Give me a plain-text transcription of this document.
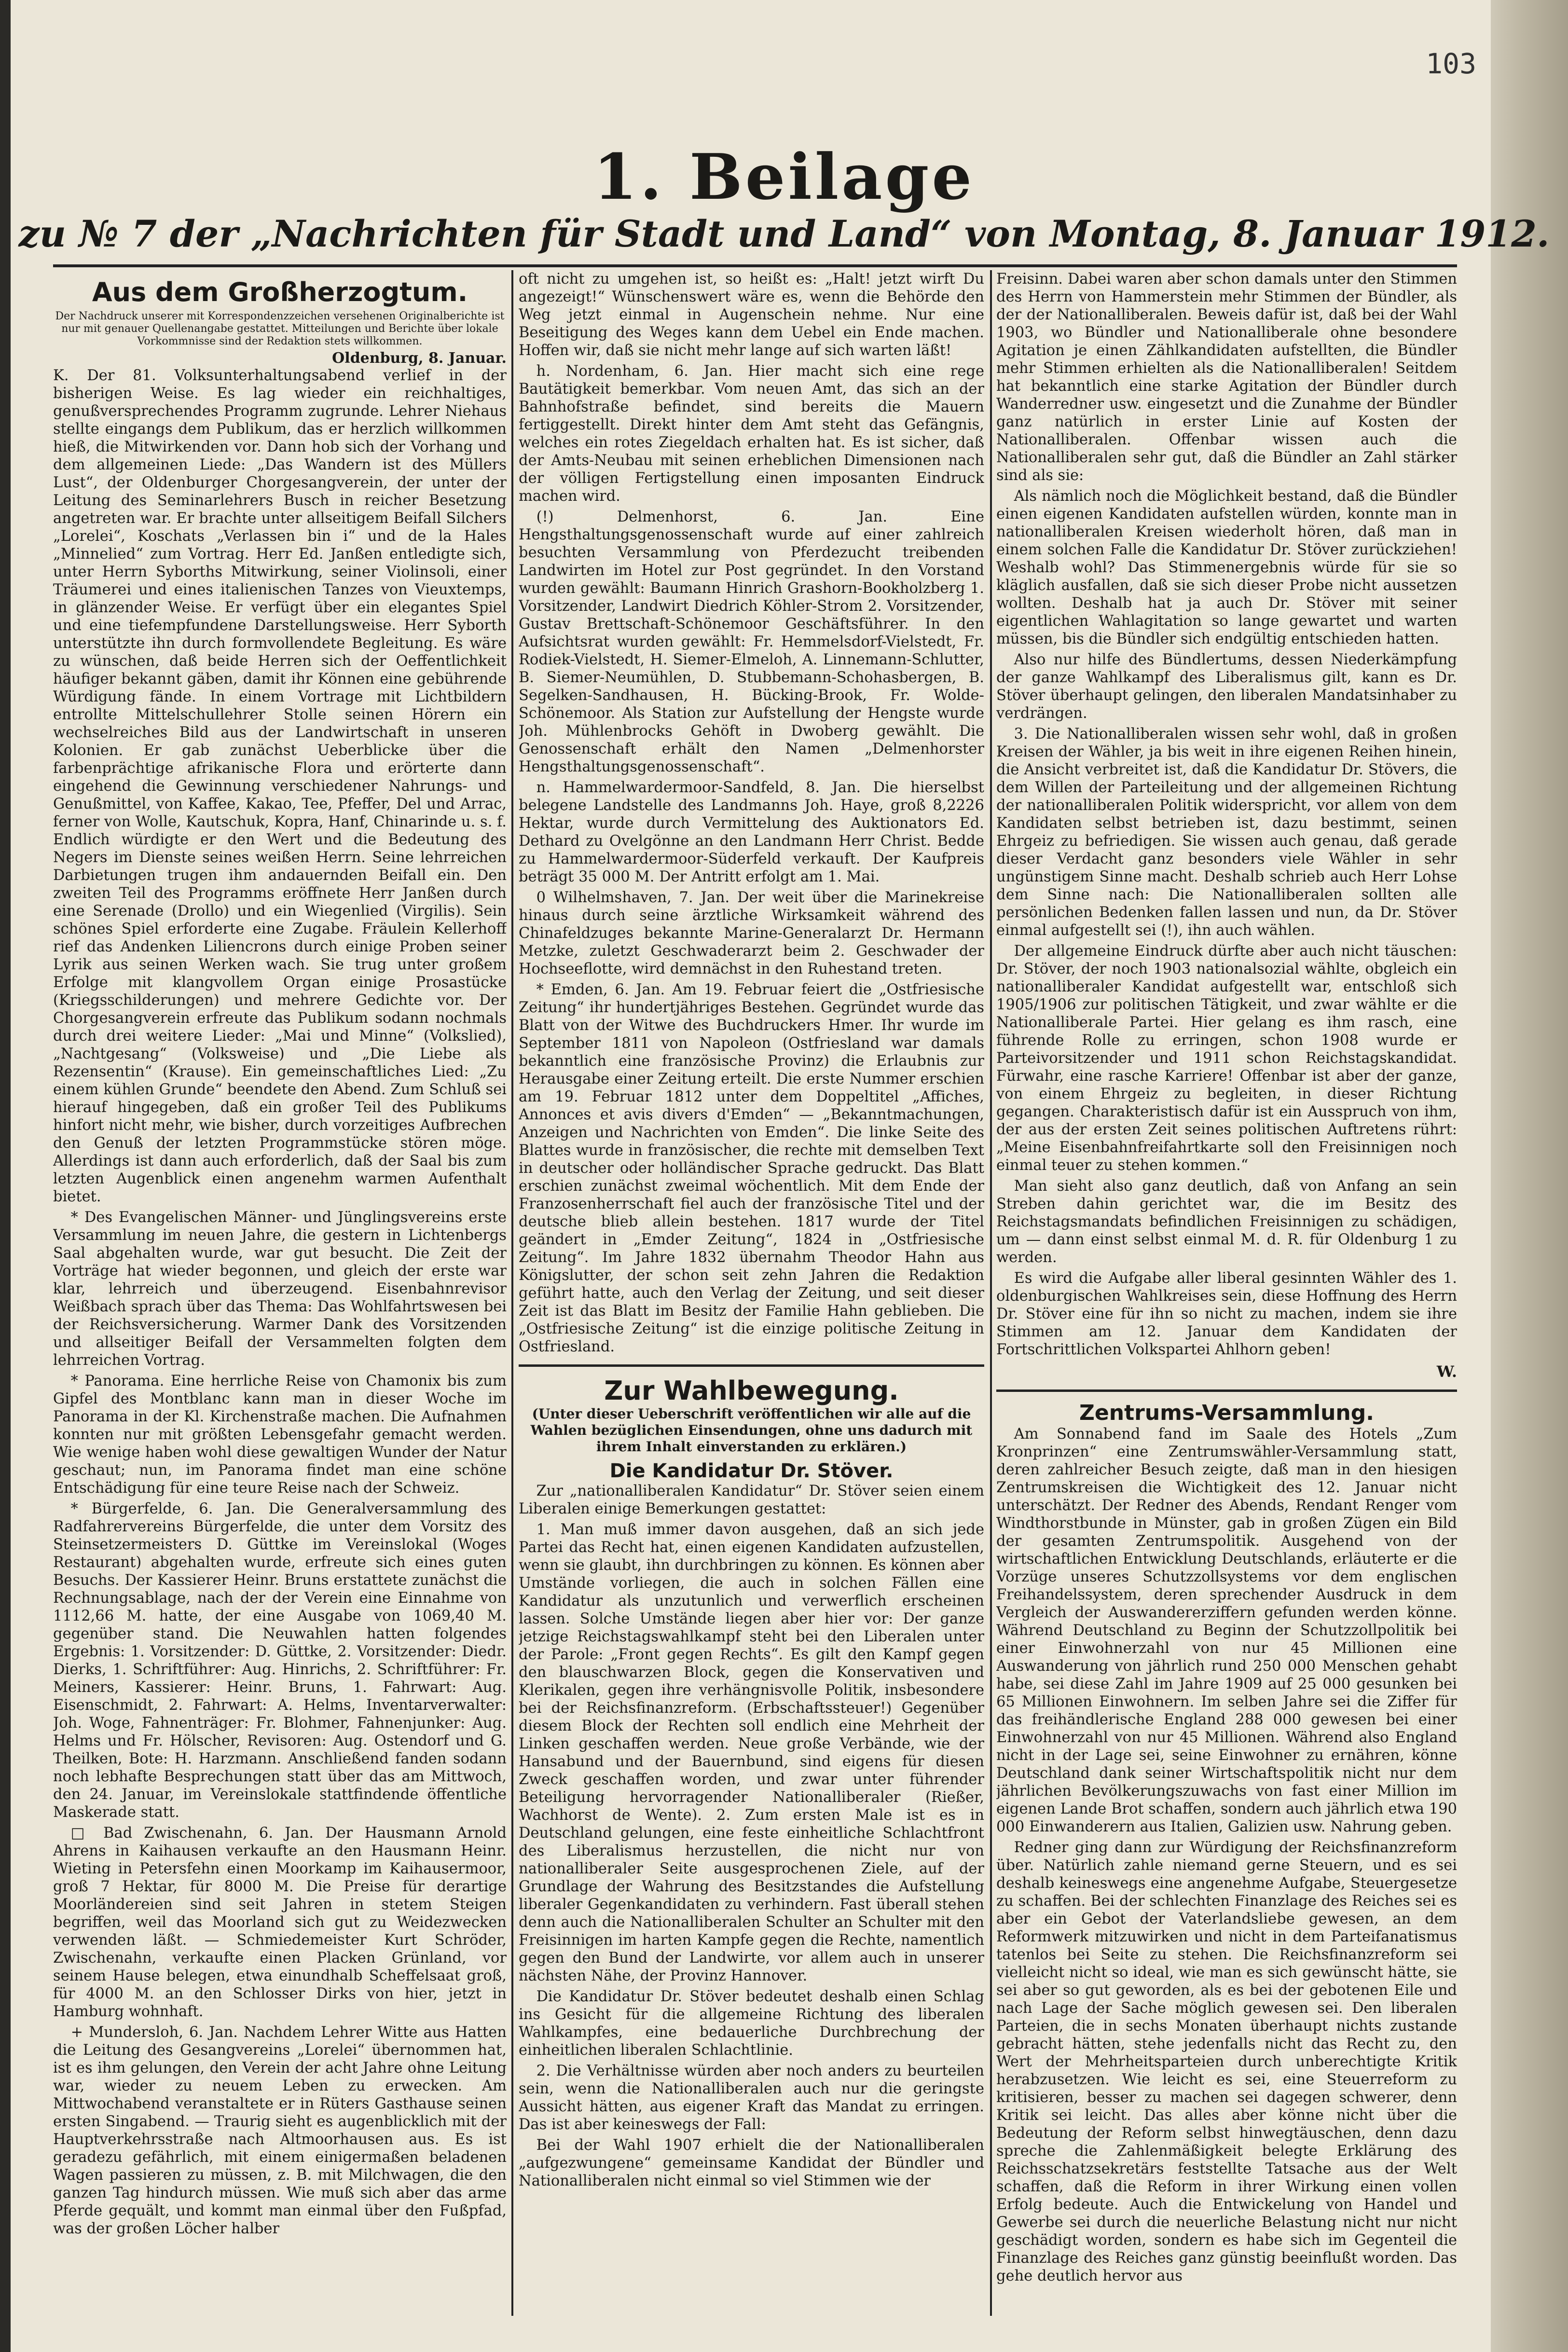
103
1. Beilage
zu № 7 der „Nachrichten für Stadt und Land“ von Montag, 8. Januar 1912.
Aus dem Großherzogtum.

Der Nachdruck unserer mit Korrespondenzzeichen versehenen Originalberichte ist nur mit genauer Quellenangabe gestattet. Mitteilungen und Berichte über lokale Vorkommnisse sind der Redaktion stets willkommen.

Oldenburg, 8. Januar.

K. Der 81. Volksunterhaltungsabend verlief in der bisherigen Weise. Es lag wieder ein reichhaltiges, genußversprechendes Programm zugrunde. Lehrer Niehaus stellte eingangs dem Publikum, das er herzlich willkommen hieß, die Mitwirkenden vor. Dann hob sich der Vorhang und dem allgemeinen Liede: „Das Wandern ist des Müllers Lust“, der Oldenburger Chorgesangverein, der unter der Leitung des Seminarlehrers Busch in reicher Besetzung angetreten war. Er brachte unter allseitigem Beifall Silchers „Lorelei“, Koschats „Verlassen bin i“ und de la Hales „Minnelied“ zum Vortrag. Herr Ed. Janßen entledigte sich, unter Herrn Syborths Mitwirkung, seiner Violinsoli, einer Träumerei und eines italienischen Tanzes von Vieuxtemps, in glänzender Weise. Er verfügt über ein elegantes Spiel und eine tiefempfundene Darstellungsweise. Herr Syborth unterstützte ihn durch formvollendete Begleitung. Es wäre zu wünschen, daß beide Herren sich der Oeffentlichkeit häufiger bekannt gäben, damit ihr Können eine gebührende Würdigung fände. In einem Vortrage mit Lichtbildern entrollte Mittelschullehrer Stolle seinen Hörern ein wechselreiches Bild aus der Landwirtschaft in unseren Kolonien. Er gab zunächst Ueberblicke über die farbenprächtige afrikanische Flora und erörterte dann eingehend die Gewinnung verschiedener Nahrungs- und Genußmittel, von Kaffee, Kakao, Tee, Pfeffer, Del und Arrac, ferner von Wolle, Kautschuk, Kopra, Hanf, Chinarinde u. s. f. Endlich würdigte er den Wert und die Bedeutung des Negers im Dienste seines weißen Herrn. Seine lehrreichen Darbietungen trugen ihm andauernden Beifall ein. Den zweiten Teil des Programms eröffnete Herr Janßen durch eine Serenade (Drollo) und ein Wiegenlied (Virgilis). Sein schönes Spiel erforderte eine Zugabe. Fräulein Kellerhoff rief das Andenken Liliencrons durch einige Proben seiner Lyrik aus seinen Werken wach. Sie trug unter großem Erfolge mit klangvollem Organ einige Prosastücke (Kriegsschilderungen) und mehrere Gedichte vor. Der Chorgesangverein erfreute das Publikum sodann nochmals durch drei weitere Lieder: „Mai und Minne“ (Volkslied), „Nachtgesang“ (Volksweise) und „Die Liebe als Rezensentin“ (Krause). Ein gemeinschaftliches Lied: „Zu einem kühlen Grunde“ beendete den Abend. Zum Schluß sei hierauf hingegeben, daß ein großer Teil des Publikums hinfort nicht mehr, wie bisher, durch vorzeitiges Aufbrechen den Genuß der letzten Programmstücke stören möge. Allerdings ist dann auch erforderlich, daß der Saal bis zum letzten Augenblick einen angenehm warmen Aufenthalt bietet.

* Des Evangelischen Männer- und Jünglingsvereins erste Versammlung im neuen Jahre, die gestern in Lichtenbergs Saal abgehalten wurde, war gut besucht. Die Zeit der Vorträge hat wieder begonnen, und gleich der erste war klar, lehrreich und überzeugend. Eisenbahnrevisor Weißbach sprach über das Thema: Das Wohlfahrtswesen bei der Reichsversicherung. Warmer Dank des Vorsitzenden und allseitiger Beifall der Versammelten folgten dem lehrreichen Vortrag.

* Panorama. Eine herrliche Reise von Chamonix bis zum Gipfel des Montblanc kann man in dieser Woche im Panorama in der Kl. Kirchenstraße machen. Die Aufnahmen konnten nur mit größten Lebensgefahr gemacht werden. Wie wenige haben wohl diese gewaltigen Wunder der Natur geschaut; nun, im Panorama findet man eine schöne Entschädigung für eine teure Reise nach der Schweiz.

* Bürgerfelde, 6. Jan. Die Generalversammlung des Radfahrervereins Bürgerfelde, die unter dem Vorsitz des Steinsetzermeisters D. Güttke im Vereinslokal (Woges Restaurant) abgehalten wurde, erfreute sich eines guten Besuchs. Der Kassierer Heinr. Bruns erstattete zunächst die Rechnungsablage, nach der der Verein eine Einnahme von 1112,66 M. hatte, der eine Ausgabe von 1069,40 M. gegenüber stand. Die Neuwahlen hatten folgendes Ergebnis: 1. Vorsitzender: D. Güttke, 2. Vorsitzender: Diedr. Dierks, 1. Schriftführer: Aug. Hinrichs, 2. Schriftführer: Fr. Meiners, Kassierer: Heinr. Bruns, 1. Fahrwart: Aug. Eisenschmidt, 2. Fahrwart: A. Helms, Inventarverwalter: Joh. Woge, Fahnenträger: Fr. Blohmer, Fahnenjunker: Aug. Helms und Fr. Hölscher, Revisoren: Aug. Ostendorf und G. Theilken, Bote: H. Harzmann. Anschließend fanden sodann noch lebhafte Besprechungen statt über das am Mittwoch, den 24. Januar, im Vereinslokale stattfindende öffentliche Maskerade statt.

□ Bad Zwischenahn, 6. Jan. Der Hausmann Arnold Ahrens in Kaihausen verkaufte an den Hausmann Heinr. Wieting in Petersfehn einen Moorkamp im Kaihausermoor, groß 7 Hektar, für 8000 M. Die Preise für derartige Moorländereien sind seit Jahren in stetem Steigen begriffen, weil das Moorland sich gut zu Weidezwecken verwenden läßt. — Schmiedemeister Kurt Schröder, Zwischenahn, verkaufte einen Placken Grünland, vor seinem Hause belegen, etwa einundhalb Scheffelsaat groß, für 4000 M. an den Schlosser Dirks von hier, jetzt in Hamburg wohnhaft.

+ Mundersloh, 6. Jan. Nachdem Lehrer Witte aus Hatten die Leitung des Gesangvereins „Lorelei“ übernommen hat, ist es ihm gelungen, den Verein der acht Jahre ohne Leitung war, wieder zu neuem Leben zu erwecken. Am Mittwochabend veranstaltete er in Rüters Gasthause seinen ersten Singabend. — Traurig sieht es augenblicklich mit der Hauptverkehrsstraße nach Altmoorhausen aus. Es ist geradezu gefährlich, mit einem einigermaßen beladenen Wagen passieren zu müssen, z. B. mit Milchwagen, die den ganzen Tag hindurch müssen. Wie muß sich aber das arme Pferde gequält, und kommt man einmal über den Fußpfad, was der großen Löcher halber

oft nicht zu umgehen ist, so heißt es: „Halt! jetzt wirft Du angezeigt!“ Wünschenswert wäre es, wenn die Behörde den Weg jetzt einmal in Augenschein nehme. Nur eine Beseitigung des Weges kann dem Uebel ein Ende machen. Hoffen wir, daß sie nicht mehr lange auf sich warten läßt!

h. Nordenham, 6. Jan. Hier macht sich eine rege Bautätigkeit bemerkbar. Vom neuen Amt, das sich an der Bahnhofstraße befindet, sind bereits die Mauern fertiggestellt. Direkt hinter dem Amt steht das Gefängnis, welches ein rotes Ziegeldach erhalten hat. Es ist sicher, daß der Amts-Neubau mit seinen erheblichen Dimensionen nach der völligen Fertigstellung einen imposanten Eindruck machen wird.

(!) Delmenhorst, 6. Jan. Eine Hengsthaltungsgenossenschaft wurde auf einer zahlreich besuchten Versammlung von Pferdezucht treibenden Landwirten im Hotel zur Post gegründet. In den Vorstand wurden gewählt: Baumann Hinrich Grashorn-Bookholzberg 1. Vorsitzender, Landwirt Diedrich Köhler-Strom 2. Vorsitzender, Gustav Brettschaft-Schönemoor Geschäftsführer. In den Aufsichtsrat wurden gewählt: Fr. Hemmelsdorf-Vielstedt, Fr. Rodiek-Vielstedt, H. Siemer-Elmeloh, A. Linnemann-Schlutter, B. Siemer-Neumühlen, D. Stubbemann-Schohasbergen, B. Segelken-Sandhausen, H. Bücking-Brook, Fr. Wolde-Schönemoor. Als Station zur Aufstellung der Hengste wurde Joh. Mühlenbrocks Gehöft in Dwoberg gewählt. Die Genossenschaft erhält den Namen „Delmenhorster Hengsthaltungsgenossenschaft“.

n. Hammelwardermoor-Sandfeld, 8. Jan. Die hierselbst belegene Landstelle des Landmanns Joh. Haye, groß 8,2226 Hektar, wurde durch Vermittelung des Auktionators Ed. Dethard zu Ovelgönne an den Landmann Herr Christ. Bedde zu Hammelwardermoor-Süderfeld verkauft. Der Kaufpreis beträgt 35 000 M. Der Antritt erfolgt am 1. Mai.

0 Wilhelmshaven, 7. Jan. Der weit über die Marinekreise hinaus durch seine ärztliche Wirksamkeit während des Chinafeldzuges bekannte Marine-Generalarzt Dr. Hermann Metzke, zuletzt Geschwaderarzt beim 2. Geschwader der Hochseeflotte, wird demnächst in den Ruhestand treten.

* Emden, 6. Jan. Am 19. Februar feiert die „Ostfriesische Zeitung“ ihr hundertjähriges Bestehen. Gegründet wurde das Blatt von der Witwe des Buchdruckers Hmer. Ihr wurde im September 1811 von Napoleon (Ostfriesland war damals bekanntlich eine französische Provinz) die Erlaubnis zur Herausgabe einer Zeitung erteilt. Die erste Nummer erschien am 19. Februar 1812 unter dem Doppeltitel „Affiches, Annonces et avis divers d'Emden“ — „Bekanntmachungen, Anzeigen und Nachrichten von Emden“. Die linke Seite des Blattes wurde in französischer, die rechte mit demselben Text in deutscher oder holländischer Sprache gedruckt. Das Blatt erschien zunächst zweimal wöchentlich. Mit dem Ende der Franzosenherrschaft fiel auch der französische Titel und der deutsche blieb allein bestehen. 1817 wurde der Titel geändert in „Emder Zeitung“, 1824 in „Ostfriesische Zeitung“. Im Jahre 1832 übernahm Theodor Hahn aus Königslutter, der schon seit zehn Jahren die Redaktion geführt hatte, auch den Verlag der Zeitung, und seit dieser Zeit ist das Blatt im Besitz der Familie Hahn geblieben. Die „Ostfriesische Zeitung“ ist die einzige politische Zeitung in Ostfriesland.

Zur Wahlbewegung.

(Unter dieser Ueberschrift veröffentlichen wir alle auf die Wahlen bezüglichen Einsendungen, ohne uns dadurch mit ihrem Inhalt einverstanden zu erklären.)

Die Kandidatur Dr. Stöver.

Zur „nationalliberalen Kandidatur“ Dr. Stöver seien einem Liberalen einige Bemerkungen gestattet:

1. Man muß immer davon ausgehen, daß an sich jede Partei das Recht hat, einen eigenen Kandidaten aufzustellen, wenn sie glaubt, ihn durchbringen zu können. Es können aber Umstände vorliegen, die auch in solchen Fällen eine Kandidatur als unzutunlich und verwerflich erscheinen lassen. Solche Umstände liegen aber hier vor: Der ganze jetzige Reichstagswahlkampf steht bei den Liberalen unter der Parole: „Front gegen Rechts“. Es gilt den Kampf gegen den blauschwarzen Block, gegen die Konservativen und Klerikalen, gegen ihre verhängnisvolle Politik, insbesondere bei der Reichsfinanzreform. (Erbschaftssteuer!) Gegenüber diesem Block der Rechten soll endlich eine Mehrheit der Linken geschaffen werden. Neue große Verbände, wie der Hansabund und der Bauernbund, sind eigens für diesen Zweck geschaffen worden, und zwar unter führender Beteiligung hervorragender Nationalliberaler (Rießer, Wachhorst de Wente). 2. Zum ersten Male ist es in Deutschland gelungen, eine feste einheitliche Schlachtfront des Liberalismus herzustellen, die nicht nur von nationalliberaler Seite ausgesprochenen Ziele, auf der Grundlage der Wahrung des Besitzstandes die Aufstellung liberaler Gegenkandidaten zu verhindern. Fast überall stehen denn auch die Nationalliberalen Schulter an Schulter mit den Freisinnigen im harten Kampfe gegen die Rechte, namentlich gegen den Bund der Landwirte, vor allem auch in unserer nächsten Nähe, der Provinz Hannover.

Die Kandidatur Dr. Stöver bedeutet deshalb einen Schlag ins Gesicht für die allgemeine Richtung des liberalen Wahlkampfes, eine bedauerliche Durchbrechung der einheitlichen liberalen Schlachtlinie.

2. Die Verhältnisse würden aber noch anders zu beurteilen sein, wenn die Nationalliberalen auch nur die geringste Aussicht hätten, aus eigener Kraft das Mandat zu erringen. Das ist aber keineswegs der Fall:

Bei der Wahl 1907 erhielt die der Nationalliberalen „aufgezwungene“ gemeinsame Kandidat der Bündler und Nationalliberalen nicht einmal so viel Stimmen wie der

Freisinn. Dabei waren aber schon damals unter den Stimmen des Herrn von Hammerstein mehr Stimmen der Bündler, als der der Nationalliberalen. Beweis dafür ist, daß bei der Wahl 1903, wo Bündler und Nationalliberale ohne besondere Agitation je einen Zählkandidaten aufstellten, die Bündler mehr Stimmen erhielten als die Nationalliberalen! Seitdem hat bekanntlich eine starke Agitation der Bündler durch Wanderredner usw. eingesetzt und die Zunahme der Bündler ganz natürlich in erster Linie auf Kosten der Nationalliberalen. Offenbar wissen auch die Nationalliberalen sehr gut, daß die Bündler an Zahl stärker sind als sie:

Als nämlich noch die Möglichkeit bestand, daß die Bündler einen eigenen Kandidaten aufstellen würden, konnte man in nationalliberalen Kreisen wiederholt hören, daß man in einem solchen Falle die Kandidatur Dr. Stöver zurückziehen! Weshalb wohl? Das Stimmenergebnis würde für sie so kläglich ausfallen, daß sie sich dieser Probe nicht aussetzen wollten. Deshalb hat ja auch Dr. Stöver mit seiner eigentlichen Wahlagitation so lange gewartet und warten müssen, bis die Bündler sich endgültig entschieden hatten.

Also nur hilfe des Bündlertums, dessen Niederkämpfung der ganze Wahlkampf des Liberalismus gilt, kann es Dr. Stöver überhaupt gelingen, den liberalen Mandatsinhaber zu verdrängen.

3. Die Nationalliberalen wissen sehr wohl, daß in großen Kreisen der Wähler, ja bis weit in ihre eigenen Reihen hinein, die Ansicht verbreitet ist, daß die Kandidatur Dr. Stövers, die dem Willen der Parteileitung und der allgemeinen Richtung der nationalliberalen Politik widerspricht, vor allem von dem Kandidaten selbst betrieben ist, dazu bestimmt, seinen Ehrgeiz zu befriedigen. Sie wissen auch genau, daß gerade dieser Verdacht ganz besonders viele Wähler in sehr ungünstigem Sinne macht. Deshalb schrieb auch Herr Lohse dem Sinne nach: Die Nationalliberalen sollten alle persönlichen Bedenken fallen lassen und nun, da Dr. Stöver einmal aufgestellt sei (!), ihn auch wählen.

Der allgemeine Eindruck dürfte aber auch nicht täuschen: Dr. Stöver, der noch 1903 nationalsozial wählte, obgleich ein nationalliberaler Kandidat aufgestellt war, entschloß sich 1905/1906 zur politischen Tätigkeit, und zwar wählte er die Nationalliberale Partei. Hier gelang es ihm rasch, eine führende Rolle zu erringen, schon 1908 wurde er Parteivorsitzender und 1911 schon Reichstagskandidat. Fürwahr, eine rasche Karriere! Offenbar ist aber der ganze, von einem Ehrgeiz zu begleiten, in dieser Richtung gegangen. Charakteristisch dafür ist ein Ausspruch von ihm, der aus der ersten Zeit seines politischen Auftretens rührt: „Meine Eisenbahnfreifahrtkarte soll den Freisinnigen noch einmal teuer zu stehen kommen.“

Man sieht also ganz deutlich, daß von Anfang an sein Streben dahin gerichtet war, die im Besitz des Reichstagsmandats befindlichen Freisinnigen zu schädigen, um — dann einst selbst einmal M. d. R. für Oldenburg 1 zu werden.

Es wird die Aufgabe aller liberal gesinnten Wähler des 1. oldenburgischen Wahlkreises sein, diese Hoffnung des Herrn Dr. Stöver eine für ihn so nicht zu machen, indem sie ihre Stimmen am 12. Januar dem Kandidaten der Fortschrittlichen Volkspartei Ahlhorn geben!

W.

Zentrums-Versammlung.

Am Sonnabend fand im Saale des Hotels „Zum Kronprinzen“ eine Zentrumswähler-Versammlung statt, deren zahlreicher Besuch zeigte, daß man in den hiesigen Zentrumskreisen die Wichtigkeit des 12. Januar nicht unterschätzt. Der Redner des Abends, Rendant Renger vom Windthorstbunde in Münster, gab in großen Zügen ein Bild der gesamten Zentrumspolitik. Ausgehend von der wirtschaftlichen Entwicklung Deutschlands, erläuterte er die Vorzüge unseres Schutzzollsystems vor dem englischen Freihandelssystem, deren sprechender Ausdruck in dem Vergleich der Auswandererziffern gefunden werden könne. Während Deutschland zu Beginn der Schutzzollpolitik bei einer Einwohnerzahl von nur 45 Millionen eine Auswanderung von jährlich rund 250 000 Menschen gehabt habe, sei diese Zahl im Jahre 1909 auf 25 000 gesunken bei 65 Millionen Einwohnern. Im selben Jahre sei die Ziffer für das freihändlerische England 288 000 gewesen bei einer Einwohnerzahl von nur 45 Millionen. Während also England nicht in der Lage sei, seine Einwohner zu ernähren, könne Deutschland dank seiner Wirtschaftspolitik nicht nur dem jährlichen Bevölkerungszuwachs von fast einer Million im eigenen Lande Brot schaffen, sondern auch jährlich etwa 190 000 Einwanderern aus Italien, Galizien usw. Nahrung geben.

Redner ging dann zur Würdigung der Reichsfinanzreform über. Natürlich zahle niemand gerne Steuern, und es sei deshalb keineswegs eine angenehme Aufgabe, Steuergesetze zu schaffen. Bei der schlechten Finanzlage des Reiches sei es aber ein Gebot der Vaterlandsliebe gewesen, an dem Reformwerk mitzuwirken und nicht in dem Parteifanatismus tatenlos bei Seite zu stehen. Die Reichsfinanzreform sei vielleicht nicht so ideal, wie man es sich gewünscht hätte, sie sei aber so gut geworden, als es bei der gebotenen Eile und nach Lage der Sache möglich gewesen sei. Den liberalen Parteien, die in sechs Monaten überhaupt nichts zustande gebracht hätten, stehe jedenfalls nicht das Recht zu, den Wert der Mehrheitsparteien durch unberechtigte Kritik herabzusetzen. Wie leicht es sei, eine Steuerreform zu kritisieren, besser zu machen sei dagegen schwerer, denn Kritik sei leicht. Das alles aber könne nicht über die Bedeutung der Reform selbst hinwegtäuschen, denn dazu spreche die Zahlenmäßigkeit belegte Erklärung des Reichsschatzsekretärs feststellte Tatsache aus der Welt schaffen, daß die Reform in ihrer Wirkung einen vollen Erfolg bedeute. Auch die Entwickelung von Handel und Gewerbe sei durch die neuerliche Belastung nicht nur nicht geschädigt worden, sondern es habe sich im Gegenteil die Finanzlage des Reiches ganz günstig beeinflußt worden. Das gehe deutlich hervor aus
